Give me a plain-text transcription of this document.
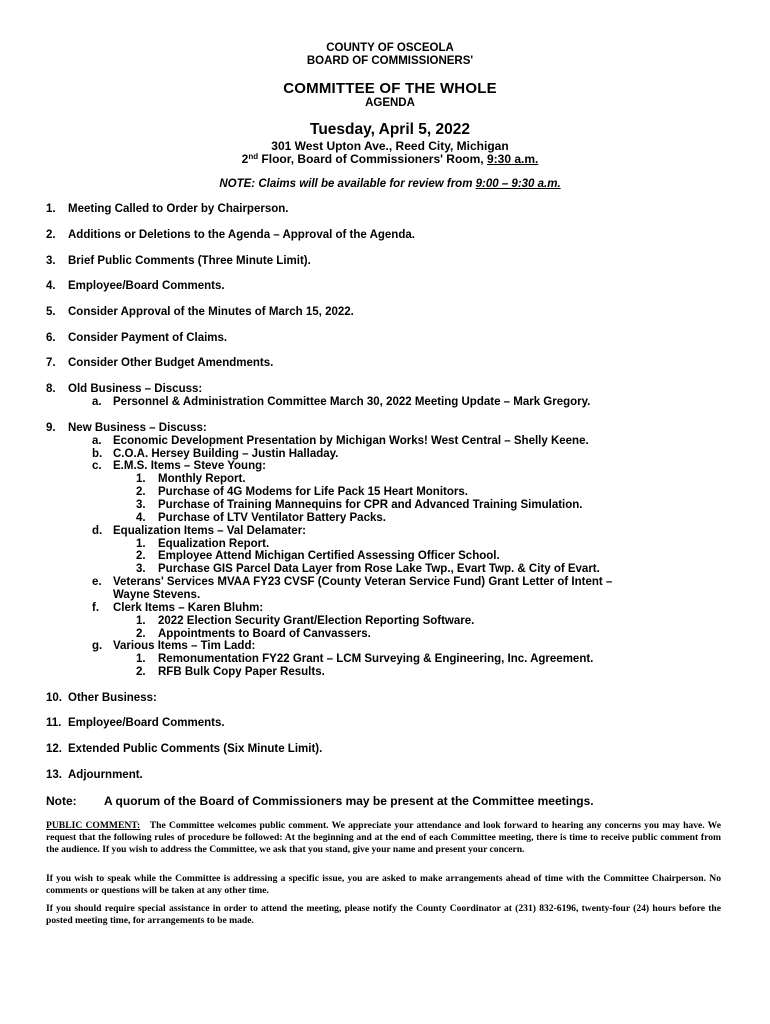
COUNTY OF OSCEOLA
BOARD OF COMMISSIONERS'
COMMITTEE OF THE WHOLE
AGENDA
Tuesday, April 5, 2022
301 West Upton Ave., Reed City, Michigan
2nd Floor, Board of Commissioners' Room, 9:30 a.m.
NOTE: Claims will be available for review from 9:00 – 9:30 a.m.
1. Meeting Called to Order by Chairperson.
2. Additions or Deletions to the Agenda – Approval of the Agenda.
3. Brief Public Comments (Three Minute Limit).
4. Employee/Board Comments.
5. Consider Approval of the Minutes of March 15, 2022.
6. Consider Payment of Claims.
7. Consider Other Budget Amendments.
8. Old Business – Discuss:
a. Personnel & Administration Committee March 30, 2022 Meeting Update – Mark Gregory.
9. New Business – Discuss:
a. Economic Development Presentation by Michigan Works! West Central – Shelly Keene.
b. C.O.A. Hersey Building – Justin Halladay.
c. E.M.S. Items – Steve Young:
1. Monthly Report.
2. Purchase of 4G Modems for Life Pack 15 Heart Monitors.
3. Purchase of Training Mannequins for CPR and Advanced Training Simulation.
4. Purchase of LTV Ventilator Battery Packs.
d. Equalization Items – Val Delamater:
1. Equalization Report.
2. Employee Attend Michigan Certified Assessing Officer School.
3. Purchase GIS Parcel Data Layer from Rose Lake Twp., Evart Twp. & City of Evart.
e. Veterans' Services MVAA FY23 CVSF (County Veteran Service Fund) Grant Letter of Intent –
Wayne Stevens.
f. Clerk Items – Karen Bluhm:
1. 2022 Election Security Grant/Election Reporting Software.
2. Appointments to Board of Canvassers.
g. Various Items – Tim Ladd:
1. Remonumentation FY22 Grant – LCM Surveying & Engineering, Inc. Agreement.
2. RFB Bulk Copy Paper Results.
10. Other Business:
11. Employee/Board Comments.
12. Extended Public Comments (Six Minute Limit).
13. Adjournment.
Note: A quorum of the Board of Commissioners may be present at the Committee meetings.
PUBLIC COMMENT: The Committee welcomes public comment. We appreciate your attendance and look forward to hearing any concerns you may have. We request that the following rules of procedure be followed: At the beginning and at the end of each Committee meeting, there is time to receive public comment from the audience. If you wish to address the Committee, we ask that you stand, give your name and present your concern.
If you wish to speak while the Committee is addressing a specific issue, you are asked to make arrangements ahead of time with the Committee Chairperson. No comments or questions will be taken at any other time.
If you should require special assistance in order to attend the meeting, please notify the County Coordinator at (231) 832-6196, twenty-four (24) hours before the posted meeting time, for arrangements to be made.
